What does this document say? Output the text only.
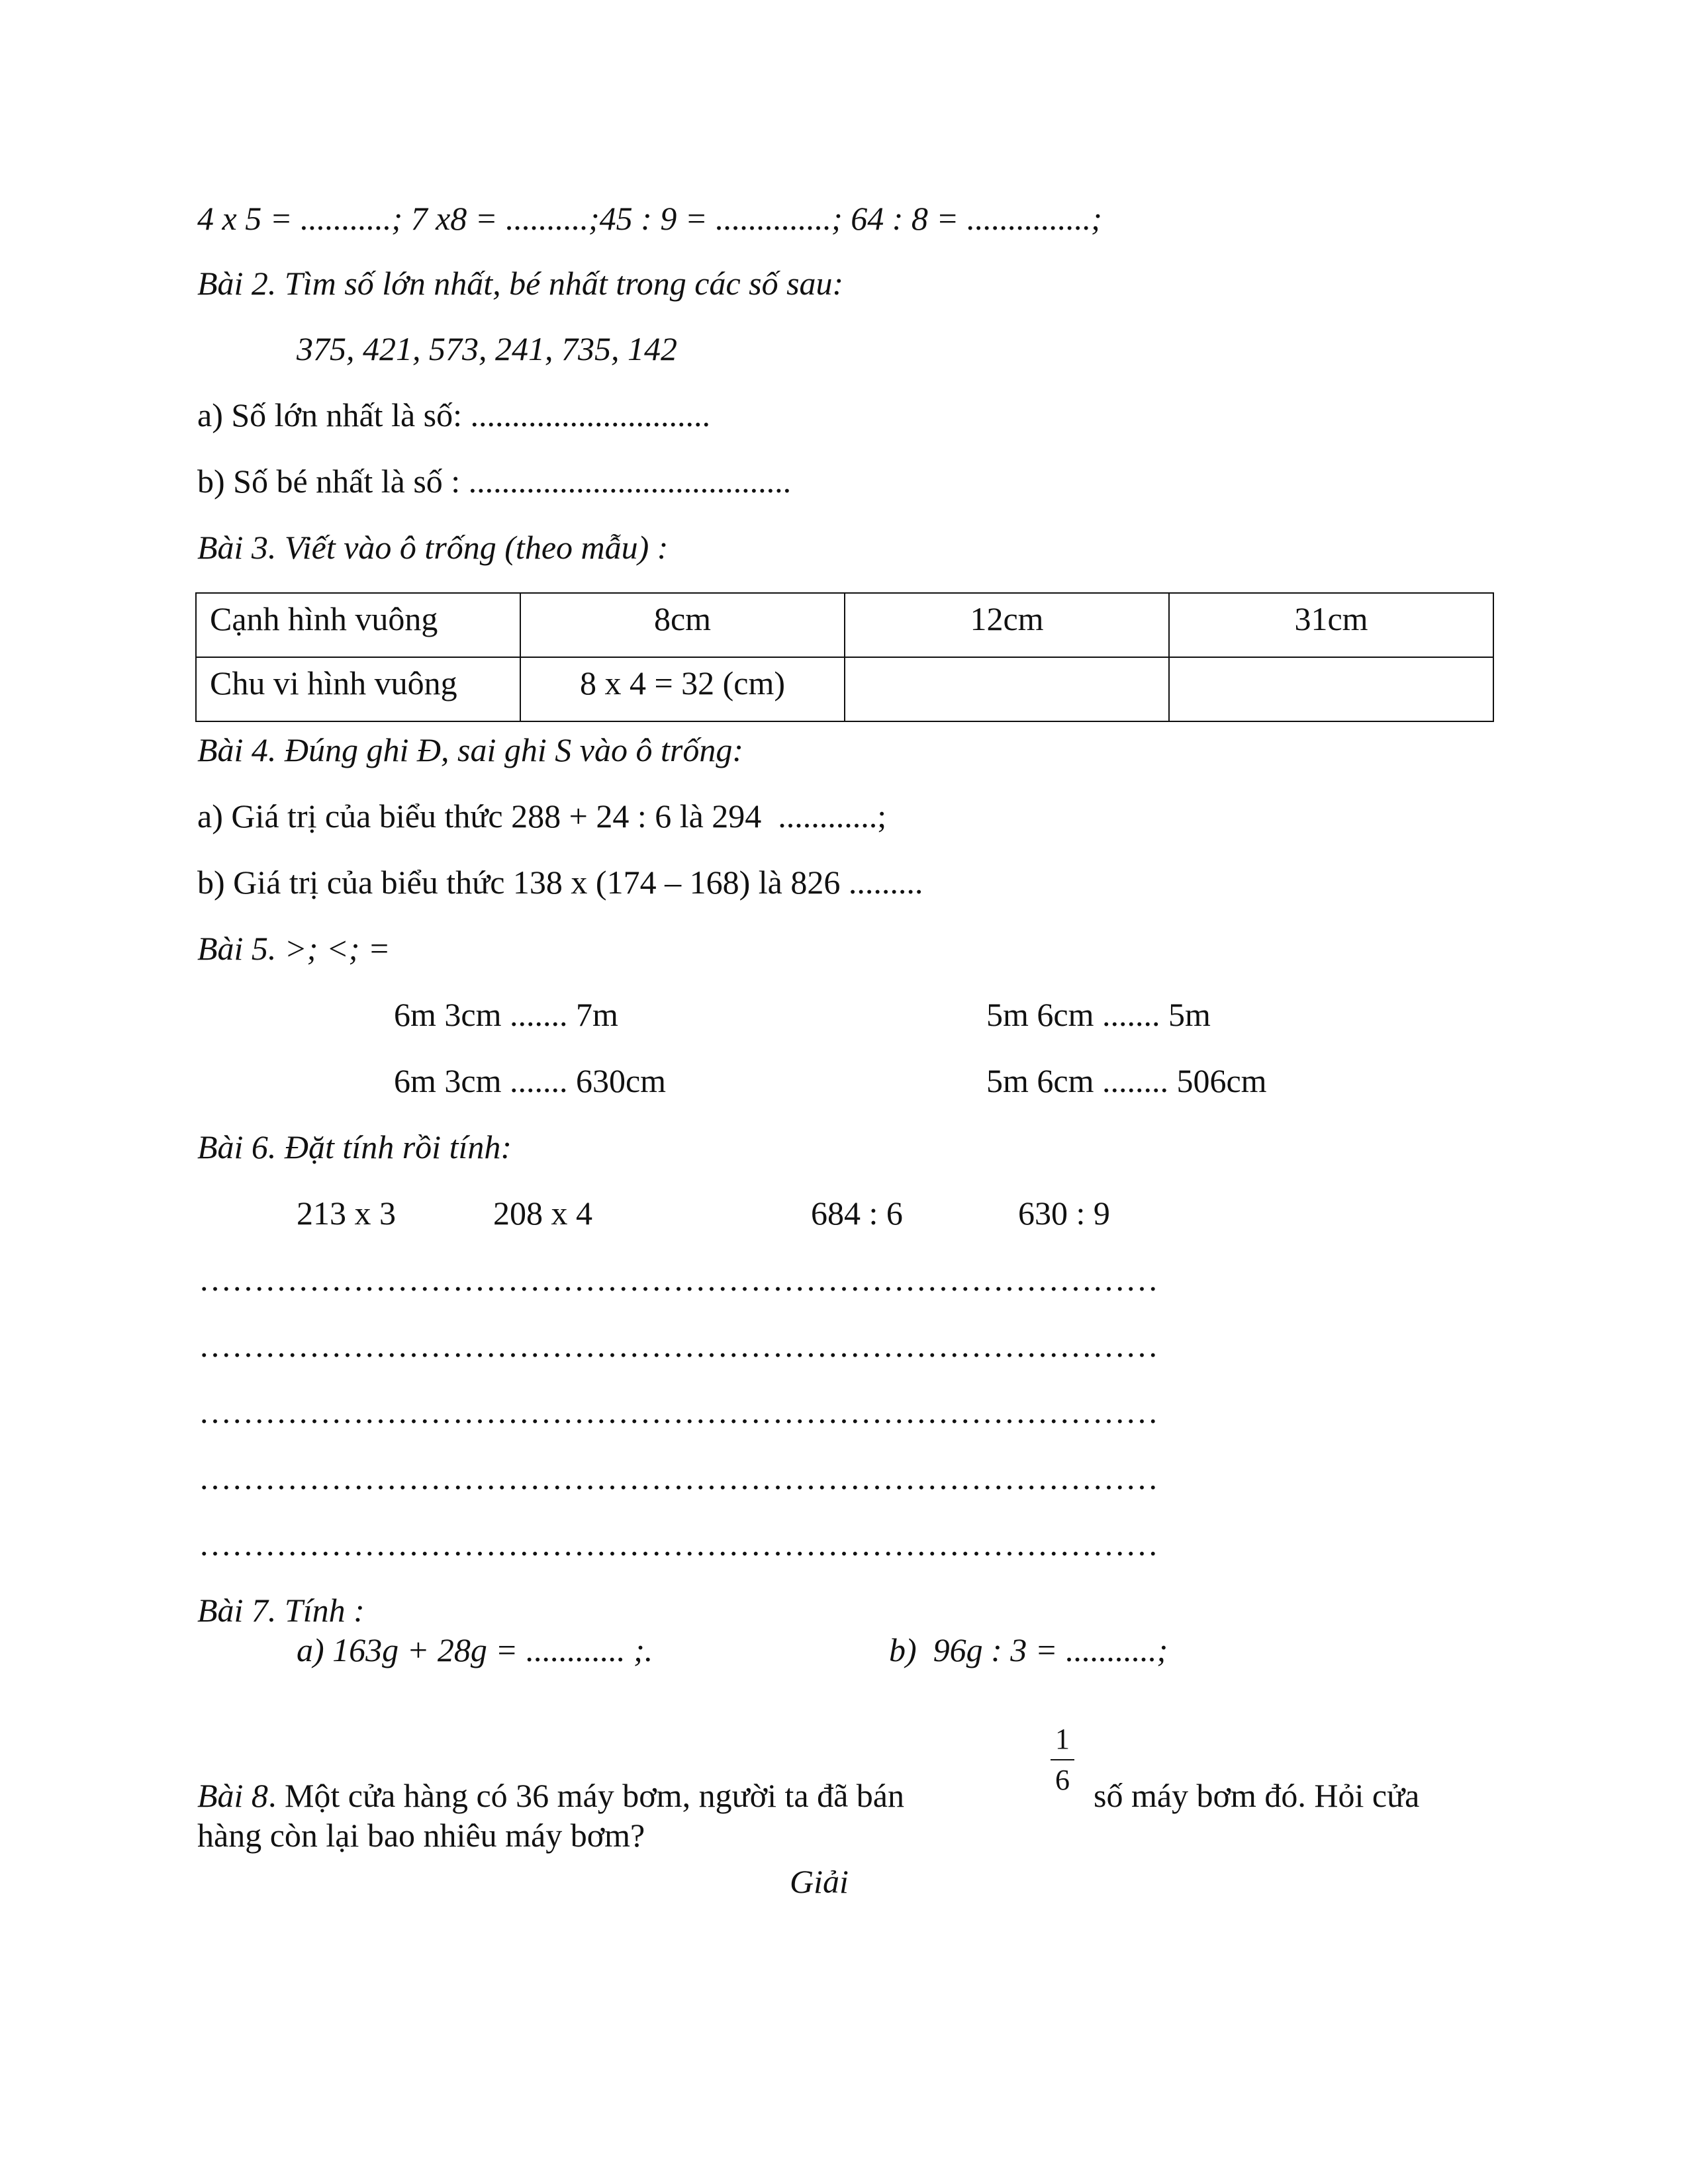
4 x 5 = ...........; 7 x8 = ..........;45 : 9 = ..............; 64 : 8 = ...............;
Bài 2. Tìm số lớn nhất, bé nhất trong các số sau:
375, 421, 573, 241, 735, 142
a) Số lớn nhất là số: .............................
b) Số bé nhất là số : .......................................
Bài 3. Viết vào ô trống (theo mẫu) :
Cạnh hình vuông	8cm	12cm	31cm
Chu vi hình vuông	8 x 4 = 32 (cm)		
Bài 4. Đúng ghi Đ, sai ghi S vào ô trống:
a) Giá trị của biểu thức 288 + 24 : 6 là 294  ............;
b) Giá trị của biểu thức 138 x (174 – 168) là 826 .........
Bài 5. >; <; =
6m 3cm ....... 7m	5m 6cm ....... 5m
6m 3cm ....... 630cm	5m 6cm ........ 506cm
Bài 6. Đặt tính rồi tính:
213 x 3	208 x 4	684 : 6	630 : 9
……………………………………………………………………………
……………………………………………………………………………
……………………………………………………………………………
……………………………………………………………………………
……………………………………………………………………………
Bài 7. Tính :
a) 163g + 28g = ............ ;.	b)  96g : 3 = ...........;
1
6
Bài 8. Một cửa hàng có 36 máy bơm, người ta đã bán	số máy bơm đó. Hỏi cửa
hàng còn lại bao nhiêu máy bơm?
Giải
